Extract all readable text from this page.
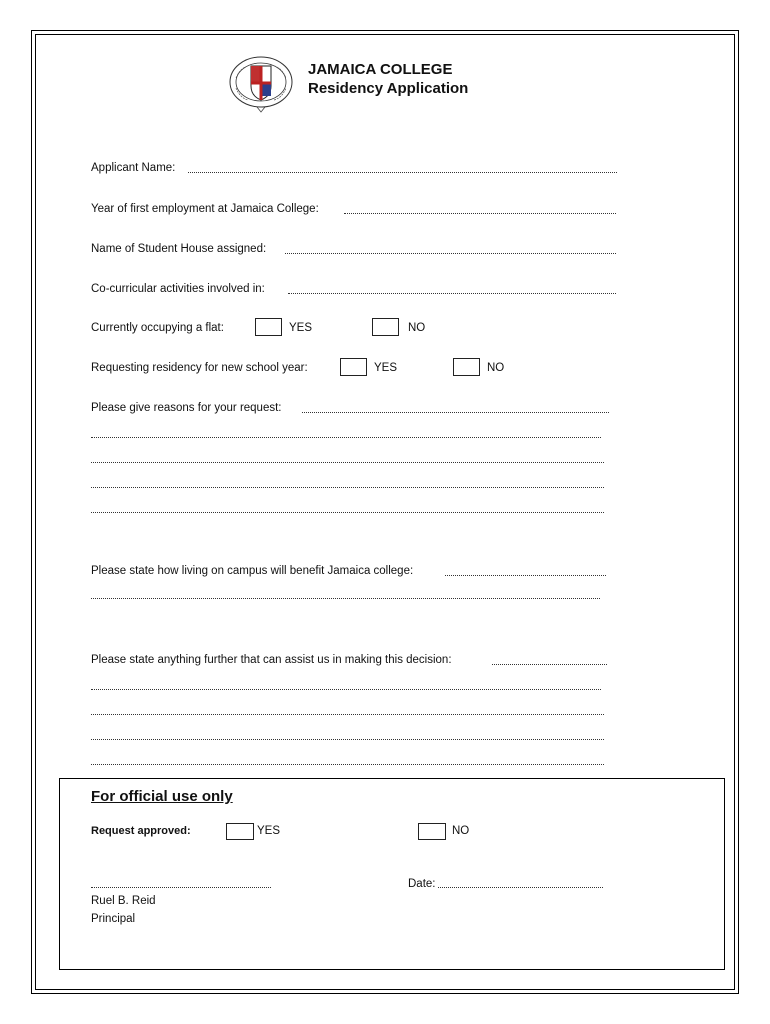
JAMAICA COLLEGE
Residency Application
Applicant Name:
Year of first employment at Jamaica College:
Name of Student House assigned:
Co-curricular activities involved in:
Currently occupying a flat:	YES	NO
Requesting residency for new school year:	YES	NO
Please give reasons for your request:
Please state how living on campus will benefit Jamaica college:
Please state anything further that can assist us in making this decision:
For official use only
Request approved:	YES	NO
Date:
Ruel B. Reid
Principal
